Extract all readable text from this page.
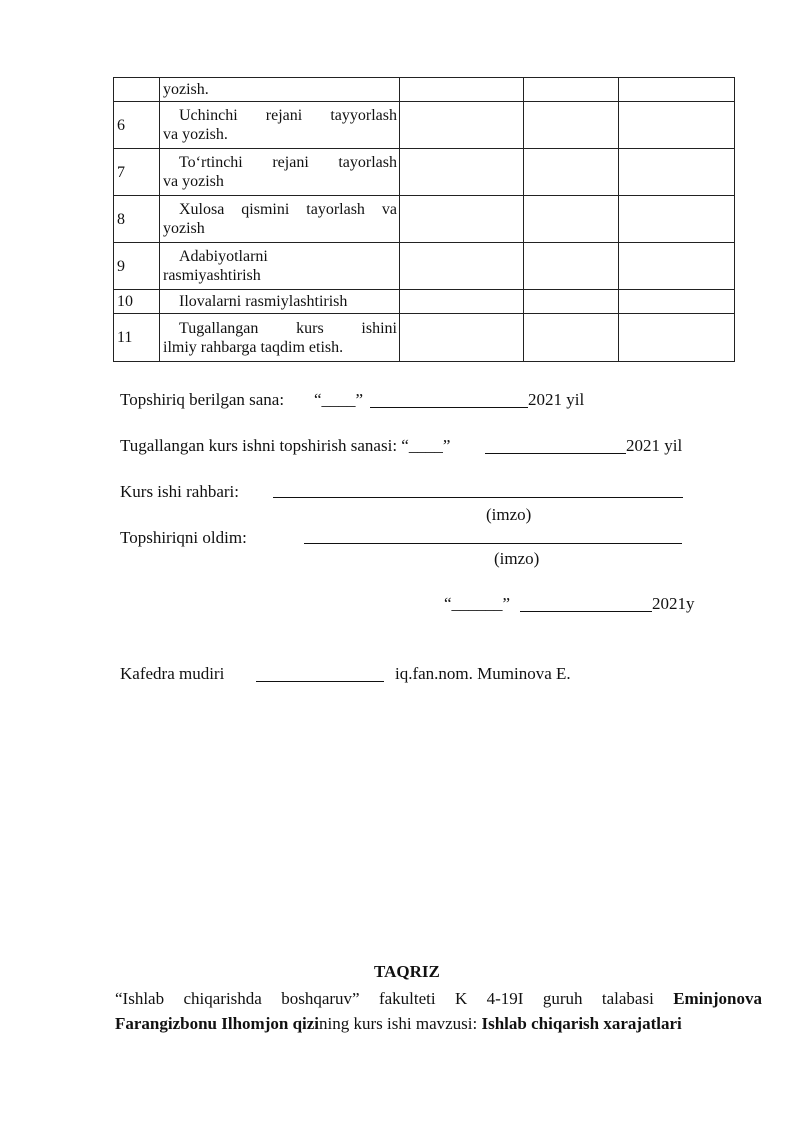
	yozish.			

6	Uchinchi rejani tayyorlash
va yozish.			

7	To‘rtinchi rejani tayorlash
va yozish			

8	Xulosa qismini tayorlash va
yozish			

9	Adabiyotlarni
rasmiyashtirish			

10	Ilovalarni rasmiylashtirish			

11	Tugallangan kurs ishini
ilmiy rahbarga taqdim etish.			

Topshiriq berilgan sana: “____”	2021 yil
Tugallangan kurs ishni topshirish sanasi: “____”	2021 yil
Kurs ishi rahbari:
(imzo)
Topshiriqni oldim:
(imzo)
“______”	2021y
Kafedra mudiri	iq.fan.nom. Muminova E.
TAQRIZ
“Ishlab chiqarishda boshqaruv” fakulteti K 4-19I guruh talabasi Eminjonova
Farangizbonu Ilhomjon qizining kurs ishi mavzusi: Ishlab chiqarish xarajatlari
